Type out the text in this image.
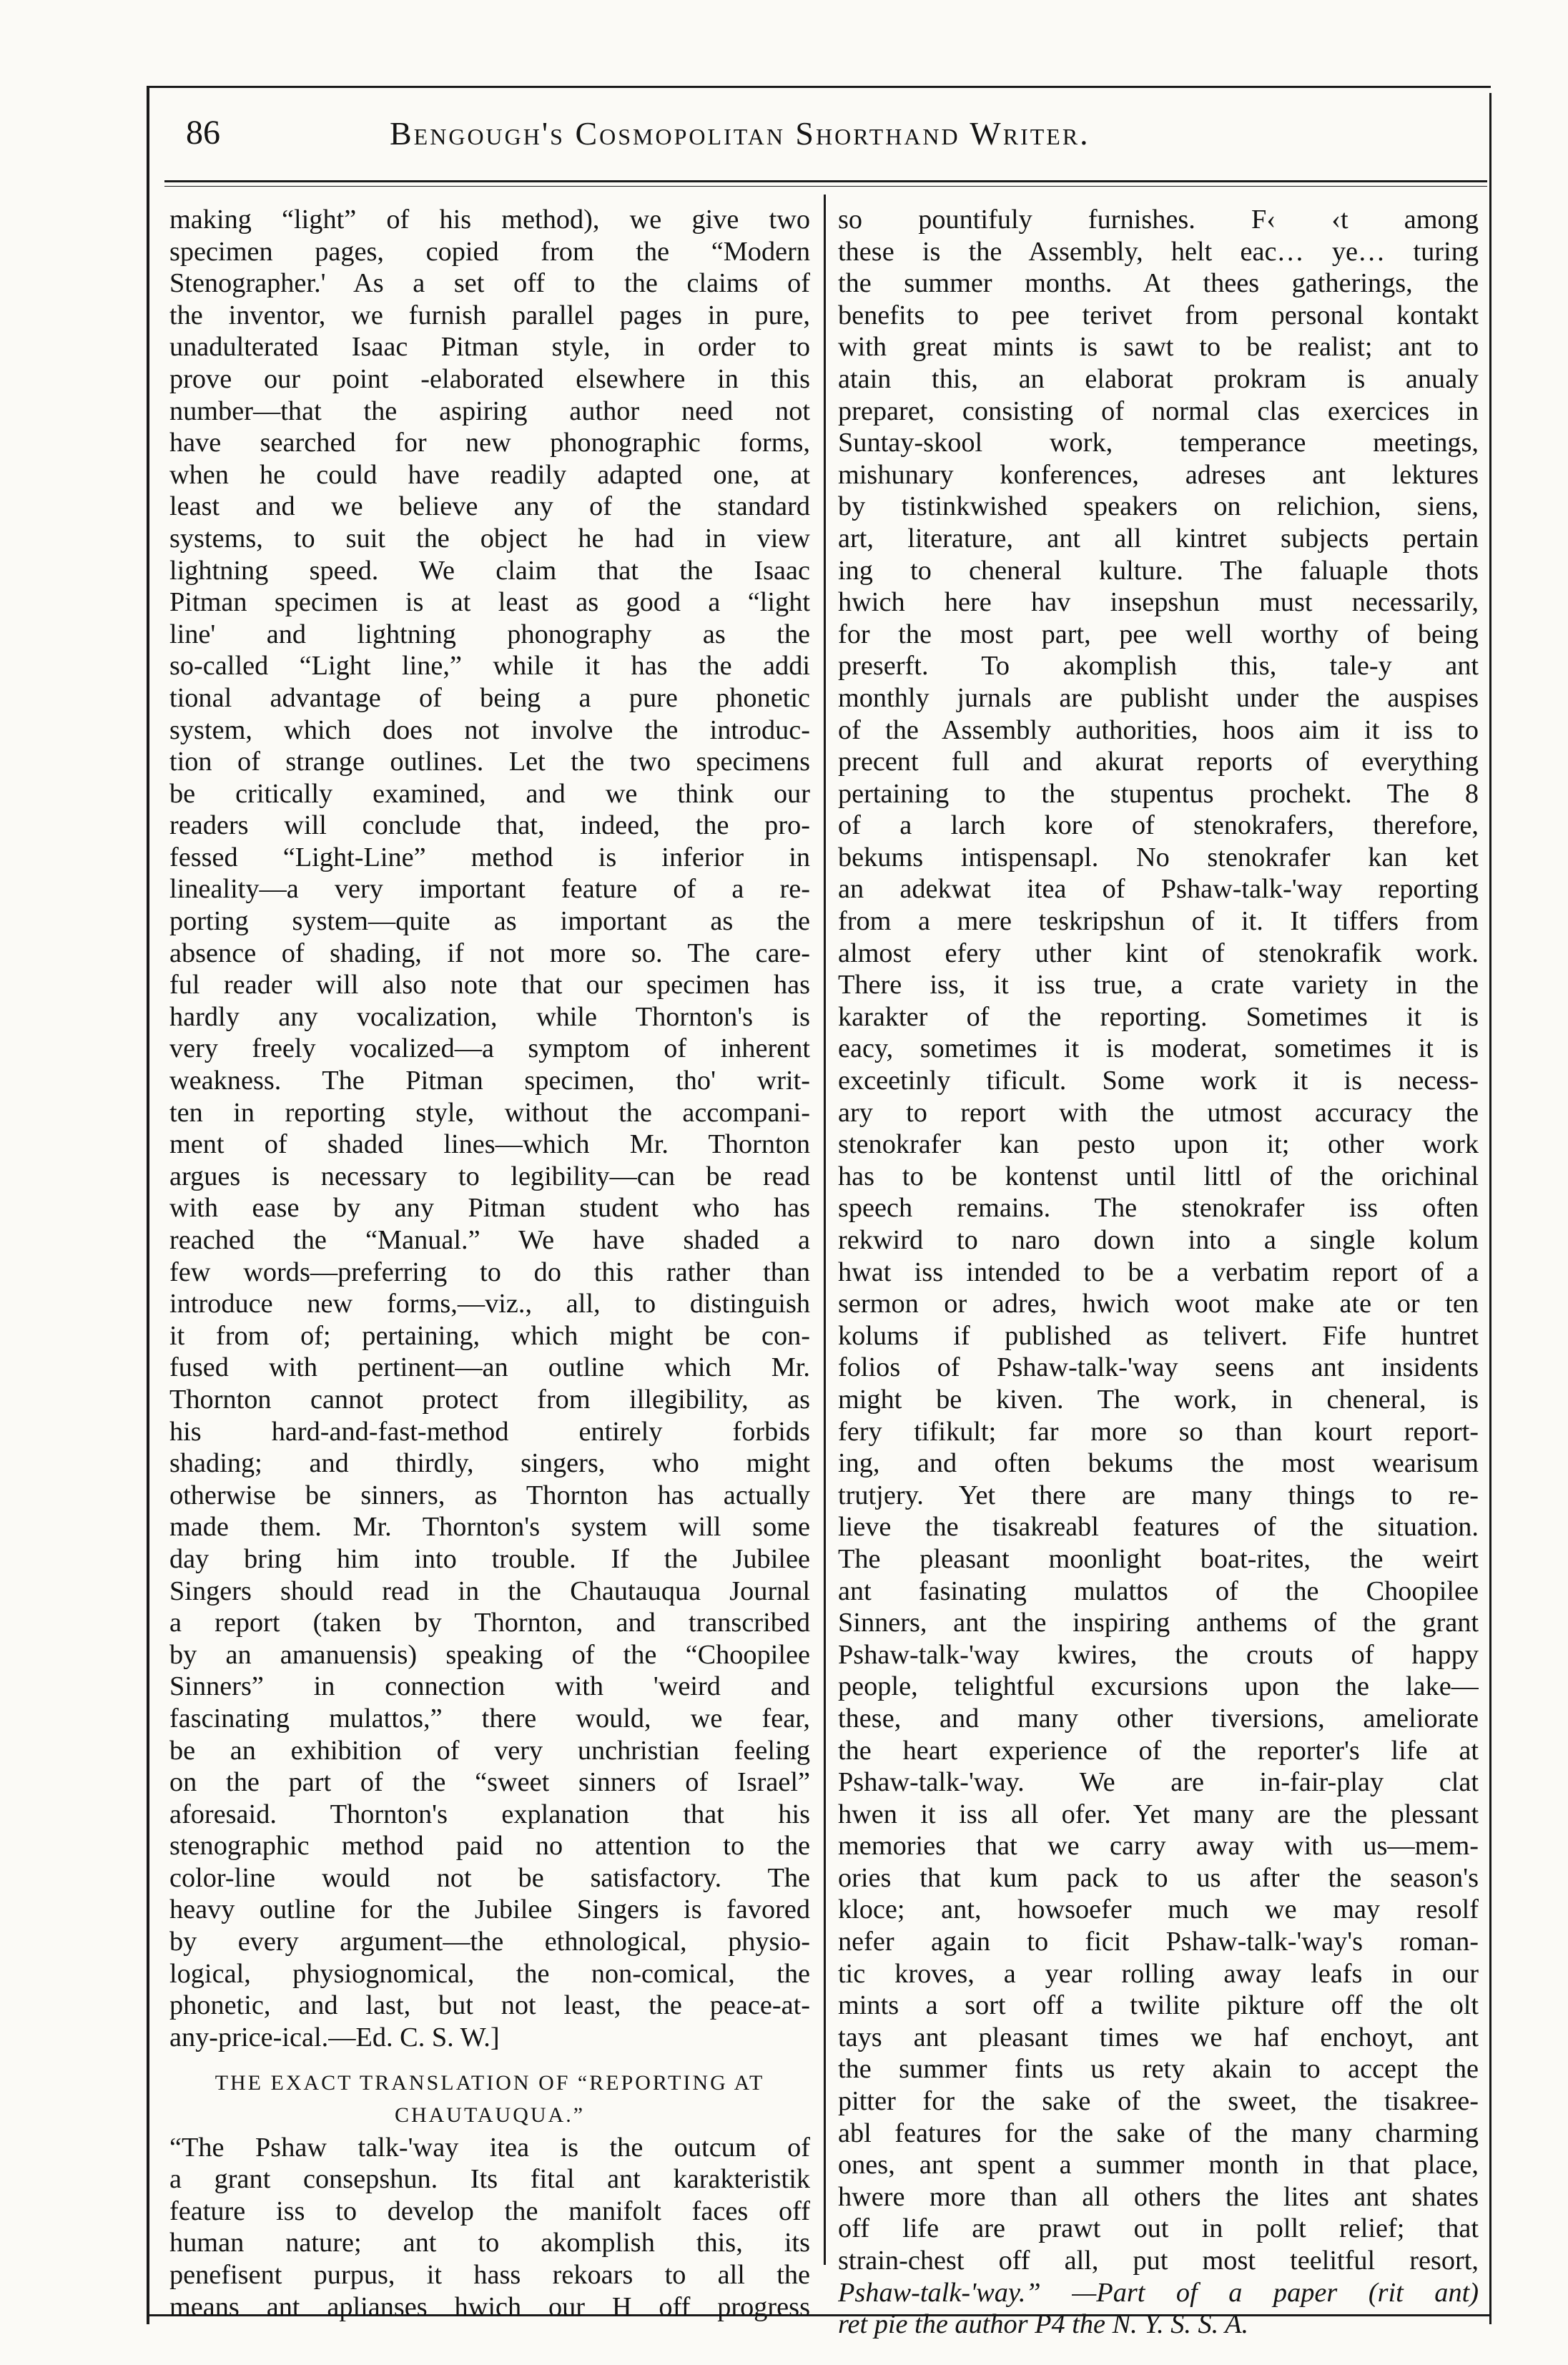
86	Bengough's Cosmopolitan Shorthand Writer.
making “light” of his method), we give two
specimen pages, copied from the “Modern
Stenographer.' As a set off to the claims of
the inventor, we furnish parallel pages in pure,
unadulterated Isaac Pitman style, in order to
prove our point -elaborated elsewhere in this
number—that the aspiring author need not
have searched for new phonographic forms,
when he could have readily adapted one, at
least and we believe any of the standard
systems, to suit the object he had in view
lightning speed. We claim that the Isaac
Pitman specimen is at least as good a “light
line' and lightning phonography as the
so-called “Light line,” while it has the addi
tional advantage of being a pure phonetic
system, which does not involve the introduc-
tion of strange outlines. Let the two specimens
be critically examined, and we think our
readers will conclude that, indeed, the pro-
fessed “Light-Line” method is inferior in
lineality—a very important feature of a re-
porting system—quite as important as the
absence of shading, if not more so. The care-
ful reader will also note that our specimen has
hardly any vocalization, while Thornton's is
very freely vocalized—a symptom of inherent
weakness. The Pitman specimen, tho' writ-
ten in reporting style, without the accompani-
ment of shaded lines—which Mr. Thornton
argues is necessary to legibility—can be read
with ease by any Pitman student who has
reached the “Manual.” We have shaded a
few words—preferring to do this rather than
introduce new forms,—viz., all, to distinguish
it from of; pertaining, which might be con-
fused with pertinent—an outline which Mr.
Thornton cannot protect from illegibility, as
his hard-and-fast-method entirely forbids
shading; and thirdly, singers, who might
otherwise be sinners, as Thornton has actually
made them. Mr. Thornton's system will some
day bring him into trouble. If the Jubilee
Singers should read in the Chautauqua Journal
a report (taken by Thornton, and transcribed
by an amanuensis) speaking of the “Choopilee
Sinners” in connection with 'weird and
fascinating mulattos,” there would, we fear,
be an exhibition of very unchristian feeling
on the part of the “sweet sinners of Israel”
aforesaid. Thornton's explanation that his
stenographic method paid no attention to the
color-line would not be satisfactory. The
heavy outline for the Jubilee Singers is favored
by every argument—the ethnological, physio-
logical, physiognomical, the non-comical, the
phonetic, and last, but not least, the peace-at-
any-price-ical.—Ed. C. S. W.]
THE EXACT TRANSLATION OF “REPORTING AT
CHAUTAUQUA.”
“The Pshaw talk-'way itea is the outcum of
a grant consepshun. Its fital ant karakteristik
feature iss to develop the manifolt faces off
human nature; ant to akomplish this, its
penefisent purpus, it hass rekoars to all the
means ant aplianses hwich our H off progress
so pountifuly furnishes. F‹ ‹t among
these is the Assembly, helt eac… ye… turing
the summer months. At thees gatherings, the
benefits to pee terivet from personal kontakt
with great mints is sawt to be realist; ant to
atain this, an elaborat prokram is anualy
preparet, consisting of normal clas exercices in
Suntay-skool work, temperance meetings,
mishunary konferences, adreses ant lektures
by tistinkwished speakers on relichion, siens,
art, literature, ant all kintret subjects pertain
ing to cheneral kulture. The faluaple thots
hwich here hav insepshun must necessarily,
for the most part, pee well worthy of being
preserft. To akomplish this, tale-y ant
monthly jurnals are publisht under the auspises
of the Assembly authorities, hoos aim it iss to
precent full and akurat reports of everything
pertaining to the stupentus prochekt. The 8
of a larch kore of stenokrafers, therefore,
bekums intispensapl. No stenokrafer kan ket
an adekwat itea of Pshaw-talk-'way reporting
from a mere teskripshun of it. It tiffers from
almost efery uther kint of stenokrafik work.
There iss, it iss true, a crate variety in the
karakter of the reporting. Sometimes it is
eacy, sometimes it is moderat, sometimes it is
exceetinly tificult. Some work it is necess-
ary to report with the utmost accuracy the
stenokrafer kan pesto upon it; other work
has to be kontenst until littl of the orichinal
speech remains. The stenokrafer iss often
rekwird to naro down into a single kolum
hwat iss intended to be a verbatim report of a
sermon or adres, hwich woot make ate or ten
kolums if published as telivert. Fife huntret
folios of Pshaw-talk-'way seens ant insidents
might be kiven. The work, in cheneral, is
fery tifikult; far more so than kourt report-
ing, and often bekums the most wearisum
trutjery. Yet there are many things to re-
lieve the tisakreabl features of the situation.
The pleasant moonlight boat-rites, the weirt
ant fasinating mulattos of the Choopilee
Sinners, ant the inspiring anthems of the grant
Pshaw-talk-'way kwires, the crouts of happy
people, telightful excursions upon the lake—
these, and many other tiversions, ameliorate
the heart experience of the reporter's life at
Pshaw-talk-'way. We are in-fair-play clat
hwen it iss all ofer. Yet many are the plessant
memories that we carry away with us—mem-
ories that kum pack to us after the season's
kloce; ant, howsoefer much we may resolf
nefer again to ficit Pshaw-talk-'way's roman-
tic kroves, a year rolling away leafs in our
mints a sort off a twilite pikture off the olt
tays ant pleasant times we haf enchoyt, ant
the summer fints us rety akain to accept the
pitter for the sake of the sweet, the tisakree-
abl features for the sake of the many charming
ones, ant spent a summer month in that place,
hwere more than all others the lites ant shates
off life are prawt out in pollt relief; that
strain-chest off all, put most teelitful resort,
Pshaw-talk-'way.” —Part of a paper (rit ant)
ret pie the author P4 the N. Y. S. S. A.
